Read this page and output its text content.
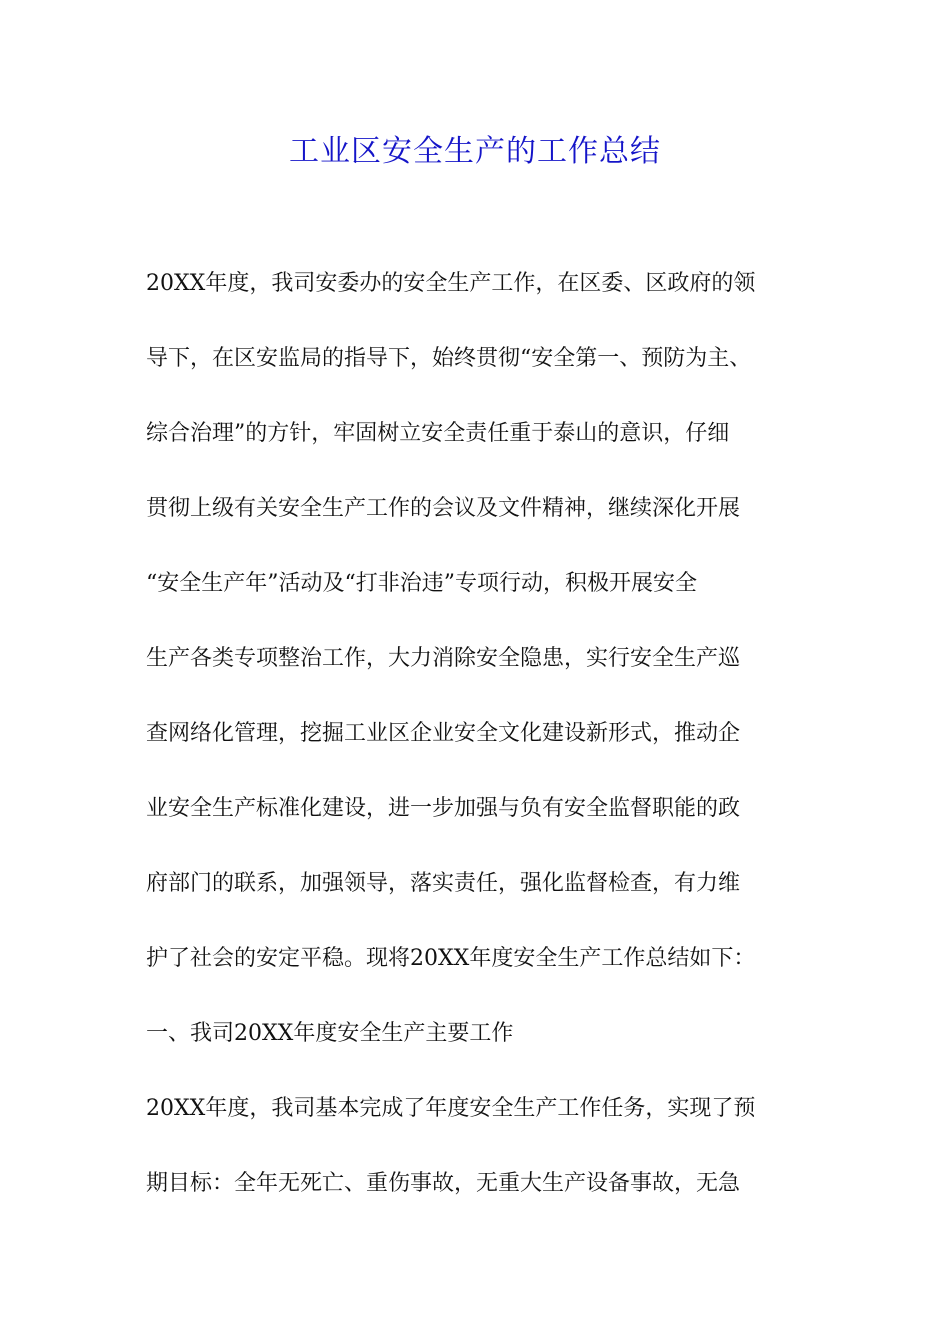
工业区安全生产的工作总结
20XX年度，我司安委办的安全生产工作，在区委、区政府的领
导下，在区安监局的指导下，始终贯彻“安全第一、预防为主、
综合治理”的方针，牢固树立安全责任重于泰山的意识，仔细
贯彻上级有关安全生产工作的会议及文件精神，继续深化开展
“安全生产年”活动及“打非治违”专项行动，积极开展安全
生产各类专项整治工作，大力消除安全隐患，实行安全生产巡
查网络化管理，挖掘工业区企业安全文化建设新形式，推动企
业安全生产标准化建设，进一步加强与负有安全监督职能的政
府部门的联系，加强领导，落实责任，强化监督检查，有力维
护了社会的安定平稳。现将20XX年度安全生产工作总结如下：
一、我司20XX年度安全生产主要工作
20XX年度，我司基本完成了年度安全生产工作任务，实现了预
期目标：全年无死亡、重伤事故，无重大生产设备事故，无急
